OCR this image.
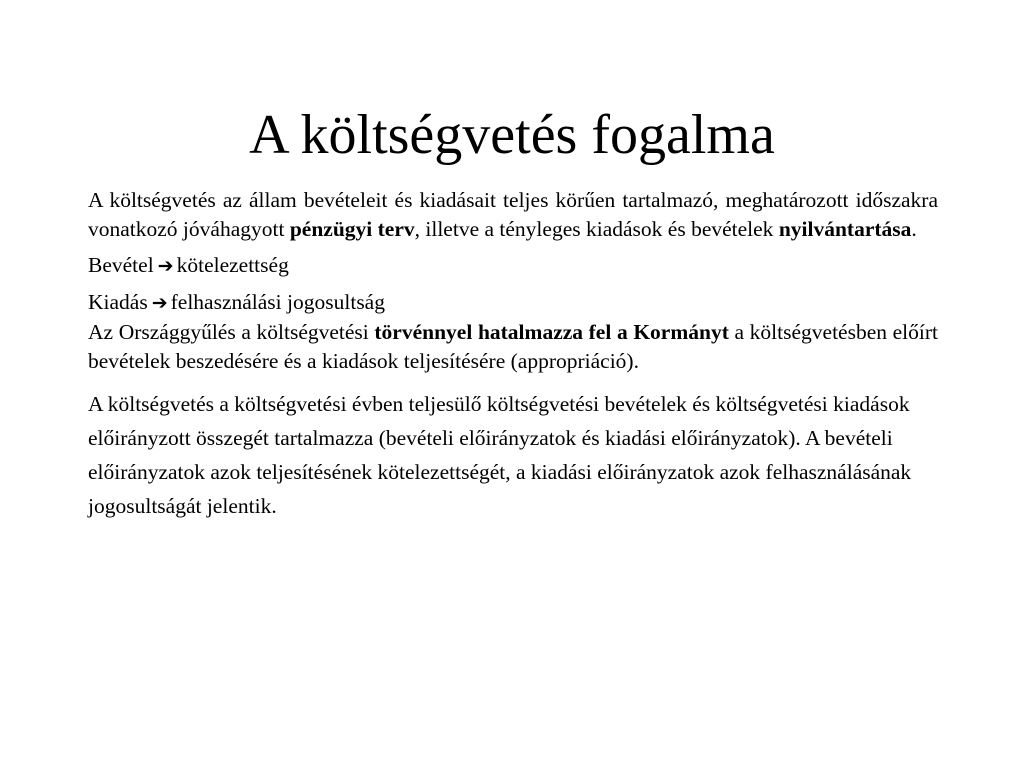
A költségvetés fogalma

A költségvetés az állam bevételeit és kiadásait teljes körűen tartalmazó, meghatározott időszakra vonatkozó jóváhagyott pénzügyi terv, illetve a tényleges kiadások és bevételek nyilvántartása.

Bevétel ➔ kötelezettség

Kiadás ➔ felhasználási jogosultság

Az Országgyűlés a költségvetési törvénnyel hatalmazza fel a Kormányt a költségvetésben előírt bevételek beszedésére és a kiadások teljesítésére (appropriáció).

A költségvetés a költségvetési évben teljesülő költségvetési bevételek és költségvetési kiadások előirányzott összegét tartalmazza (bevételi előirányzatok és kiadási előirányzatok). A bevételi előirányzatok azok teljesítésének kötelezettségét, a kiadási előirányzatok azok felhasználásának jogosultságát jelentik.
